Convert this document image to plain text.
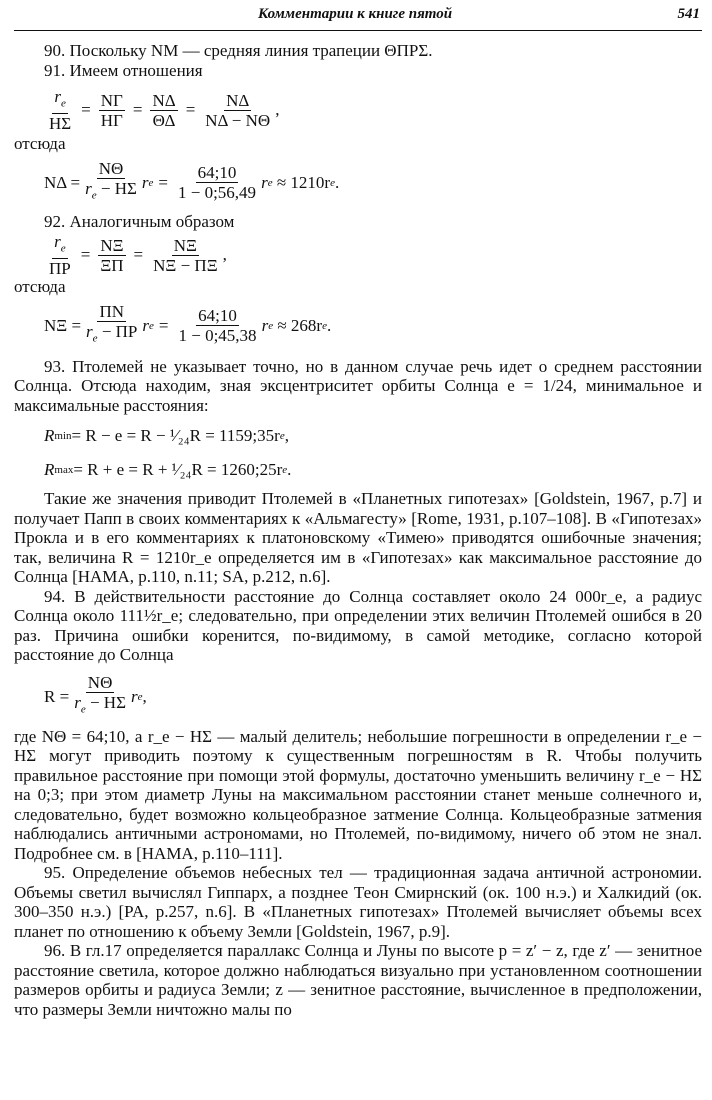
Комментарии к книге пятой	541

90. Поскольку NM — средняя линия трапеции ΘΠΡΣ.

91. Имеем отношения

$\frac{r_e}{H\Sigma} = \frac{N\Gamma}{H\Gamma} = \frac{N\Delta}{\Theta\Delta} = \frac{N\Delta}{N\Delta - N\Theta}$ ,

отсюда

$N\Delta = \frac{N\Theta}{r_e - H\Sigma}$ r $e = \frac{64;10}{1 - 0;56,49}$ r e
≈ 1210r e .

92. Аналогичным образом

$\frac{r_e}{\Pi P} = \frac{N\Xi}{\Xi\Pi} = \frac{N\Xi}{N\Xi - \Pi\Xi}$ ,

отсюда

$N\Xi = \frac{\Pi N}{r_e - \Pi P}$ r $e = \frac{64;10}{1 - 0;45,38}$ r e
≈ 268r e .

93. Птолемей не указывает точно, но в данном случае речь идет о среднем расстоянии Солнца. Отсюда находим, зная эксцентриситет орбиты Солнца e = 1/24, минимальное и максимальные расстояния:

R min = R − e = R − ¹⁄₂₄R = 1159;35r e ,
R max = R + e = R + ¹⁄₂₄R = 1260;25r e .

Такие же значения приводит Птолемей в «Планетных гипотезах» [Goldstein, 1967, p.7] и получает Папп в своих комментариях к «Альмагесту» [Rome, 1931, p.107–108]. В «Гипотезах» Прокла и в его комментариях к платоновскому «Тимею» приводятся ошибочные значения; так, величина R = 1210r_e определяется им в «Гипотезах» как максимальное расстояние до Солнца [HAMA, p.110, n.11; SA, p.212, n.6].

94. В действительности расстояние до Солнца составляет около 24 000r_e, а радиус Солнца около 111½r_e; следовательно, при определении этих величин Птолемей ошибся в 20 раз. Причина ошибки коренится, по-видимому, в самой методике, согласно которой расстояние до Солнца

$R = \frac{N\Theta}{r_e - H\Sigma}$ r e ,

где ΝΘ = 64;10, а r_e − ΗΣ — малый делитель; небольшие погрешности в определении r_e − ΗΣ могут приводить поэтому к существенным погрешностям в R. Чтобы получить правильное расстояние при помощи этой формулы, достаточно уменьшить величину r_e − ΗΣ на 0;3; при этом диаметр Луны на максимальном расстоянии станет меньше солнечного и, следовательно, будет возможно кольцеобразное затмение Солнца. Кольцеобразные затмения наблюдались античными астрономами, но Птолемей, по-видимому, ничего об этом не знал. Подробнее см. в [HAMA, p.110–111].

95. Определение объемов небесных тел — традиционная задача античной астрономии. Объемы светил вычислял Гиппарх, а позднее Теон Смирнский (ок. 100 н.э.) и Халкидий (ок. 300–350 н.э.) [PA, p.257, n.6]. В «Планетных гипотезах» Птолемей вычисляет объемы всех планет по отношению к объему Земли [Goldstein, 1967, p.9].

96. В гл.17 определяется параллакс Солнца и Луны по высоте p = z′ − z, где z′ — зенитное расстояние светила, которое должно наблюдаться визуально при установленном соотношении размеров орбиты и радиуса Земли; z — зенитное расстояние, вычисленное в предположении, что размеры Земли ничтожно малы по
